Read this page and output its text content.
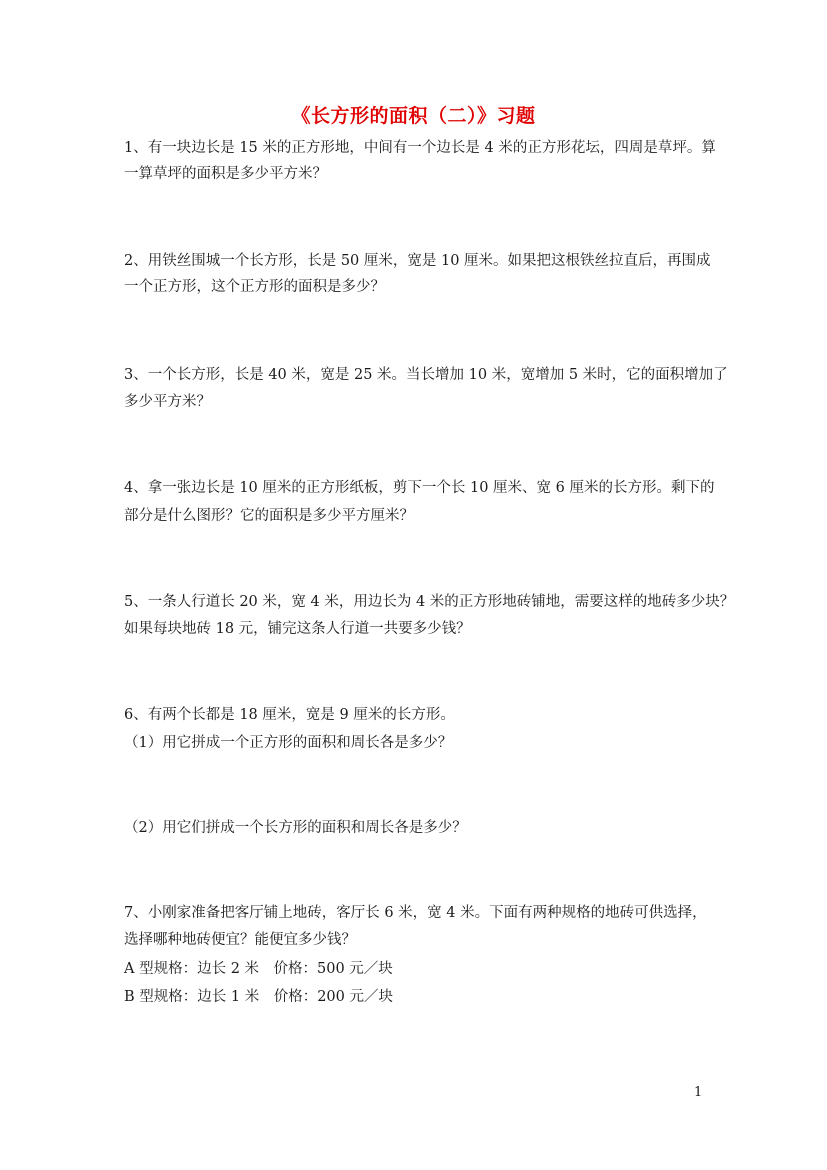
《长方形的面积（二）》习题
1、有一块边长是 15 米的正方形地，中间有一个边长是 4 米的正方形花坛，四周是草坪。算
一算草坪的面积是多少平方米？
2、用铁丝围城一个长方形，长是 50 厘米，宽是 10 厘米。如果把这根铁丝拉直后，再围成
一个正方形，这个正方形的面积是多少？
3、一个长方形，长是 40 米，宽是 25 米。当长增加 10 米，宽增加 5 米时，它的面积增加了
多少平方米？
4、拿一张边长是 10 厘米的正方形纸板，剪下一个长 10 厘米、宽 6 厘米的长方形。剩下的
部分是什么图形？它的面积是多少平方厘米？
5、一条人行道长 20 米，宽 4 米，用边长为 4 米的正方形地砖铺地，需要这样的地砖多少块？
如果每块地砖 18 元，铺完这条人行道一共要多少钱？
6、有两个长都是 18 厘米，宽是 9 厘米的长方形。
（1）用它拼成一个正方形的面积和周长各是多少？
（2）用它们拼成一个长方形的面积和周长各是多少？
7、小刚家准备把客厅铺上地砖，客厅长 6 米，宽 4 米。下面有两种规格的地砖可供选择，
选择哪种地砖便宜？能便宜多少钱？
A 型规格：边长 2 米　价格：500 元／块
B 型规格：边长 1 米　价格：200 元／块
1
